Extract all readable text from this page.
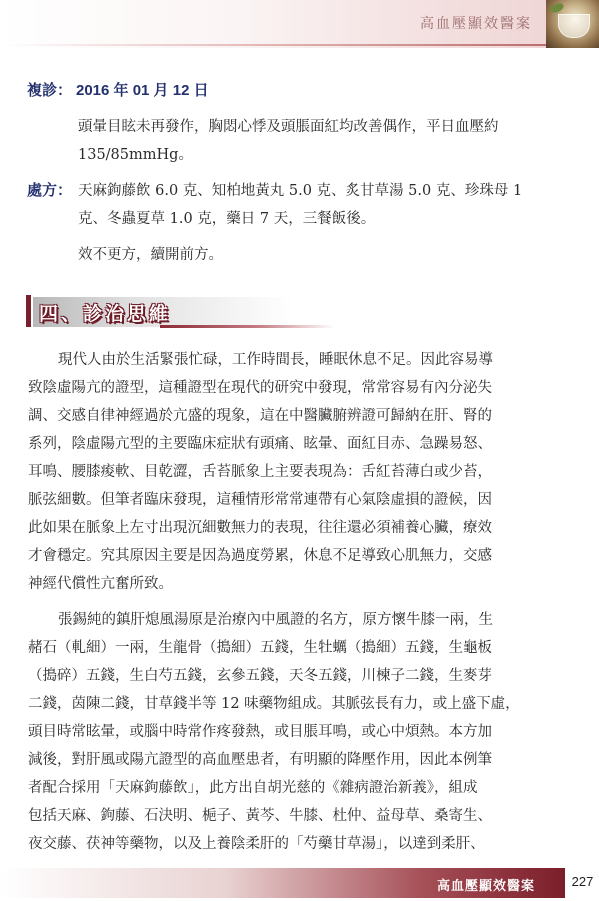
高血壓顯效醫案
複診： 2016 年 01 月 12 日
頭暈目眩未再發作，胸悶心悸及頭脹面紅均改善偶作，平日血壓約
135/85mmHg。
處方： 天麻鉤藤飲 6.0 克、知柏地黃丸 5.0 克、炙甘草湯 5.0 克、珍珠母 1
克、冬蟲夏草 1.0 克，藥日 7 天，三餐飯後。
效不更方，續開前方。
四、診治思維
現代人由於生活緊張忙碌，工作時間長，睡眠休息不足。因此容易導
致陰虛陽亢的證型，這種證型在現代的研究中發現，常常容易有內分泌失
調、交感自律神經過於亢盛的現象，這在中醫臟腑辨證可歸納在肝、腎的
系列，陰虛陽亢型的主要臨床症狀有頭痛、眩暈、面紅目赤、急躁易怒、
耳鳴、腰膝痠軟、目乾澀，舌苔脈象上主要表現為：舌紅苔薄白或少苔，
脈弦細數。但筆者臨床發現，這種情形常常連帶有心氣陰虛損的證候，因
此如果在脈象上左寸出現沉細數無力的表現，往往還必須補養心臟，療效
才會穩定。究其原因主要是因為過度勞累，休息不足導致心肌無力，交感
神經代償性亢奮所致。
張錫純的鎮肝熄風湯原是治療內中風證的名方，原方懷牛膝一兩，生
赭石（軋細）一兩，生龍骨（搗細）五錢，生牡蠣（搗細）五錢，生龜板
（搗碎）五錢，生白芍五錢，玄參五錢，天冬五錢，川楝子二錢，生麥芽
二錢，茵陳二錢，甘草錢半等 12 味藥物組成。其脈弦長有力，或上盛下虛，
頭目時常眩暈，或腦中時常作疼發熱，或目脹耳鳴，或心中煩熱。本方加
減後，對肝風或陽亢證型的高血壓患者，有明顯的降壓作用，因此本例筆
者配合採用「天麻鉤藤飲」，此方出自胡光慈的《雜病證治新義》，組成
包括天麻、鉤藤、石決明、梔子、黃芩、牛膝、杜仲、益母草、桑寄生、
夜交藤、茯神等藥物，以及上養陰柔肝的「芍藥甘草湯」，以達到柔肝、
高血壓顯效醫案	227
